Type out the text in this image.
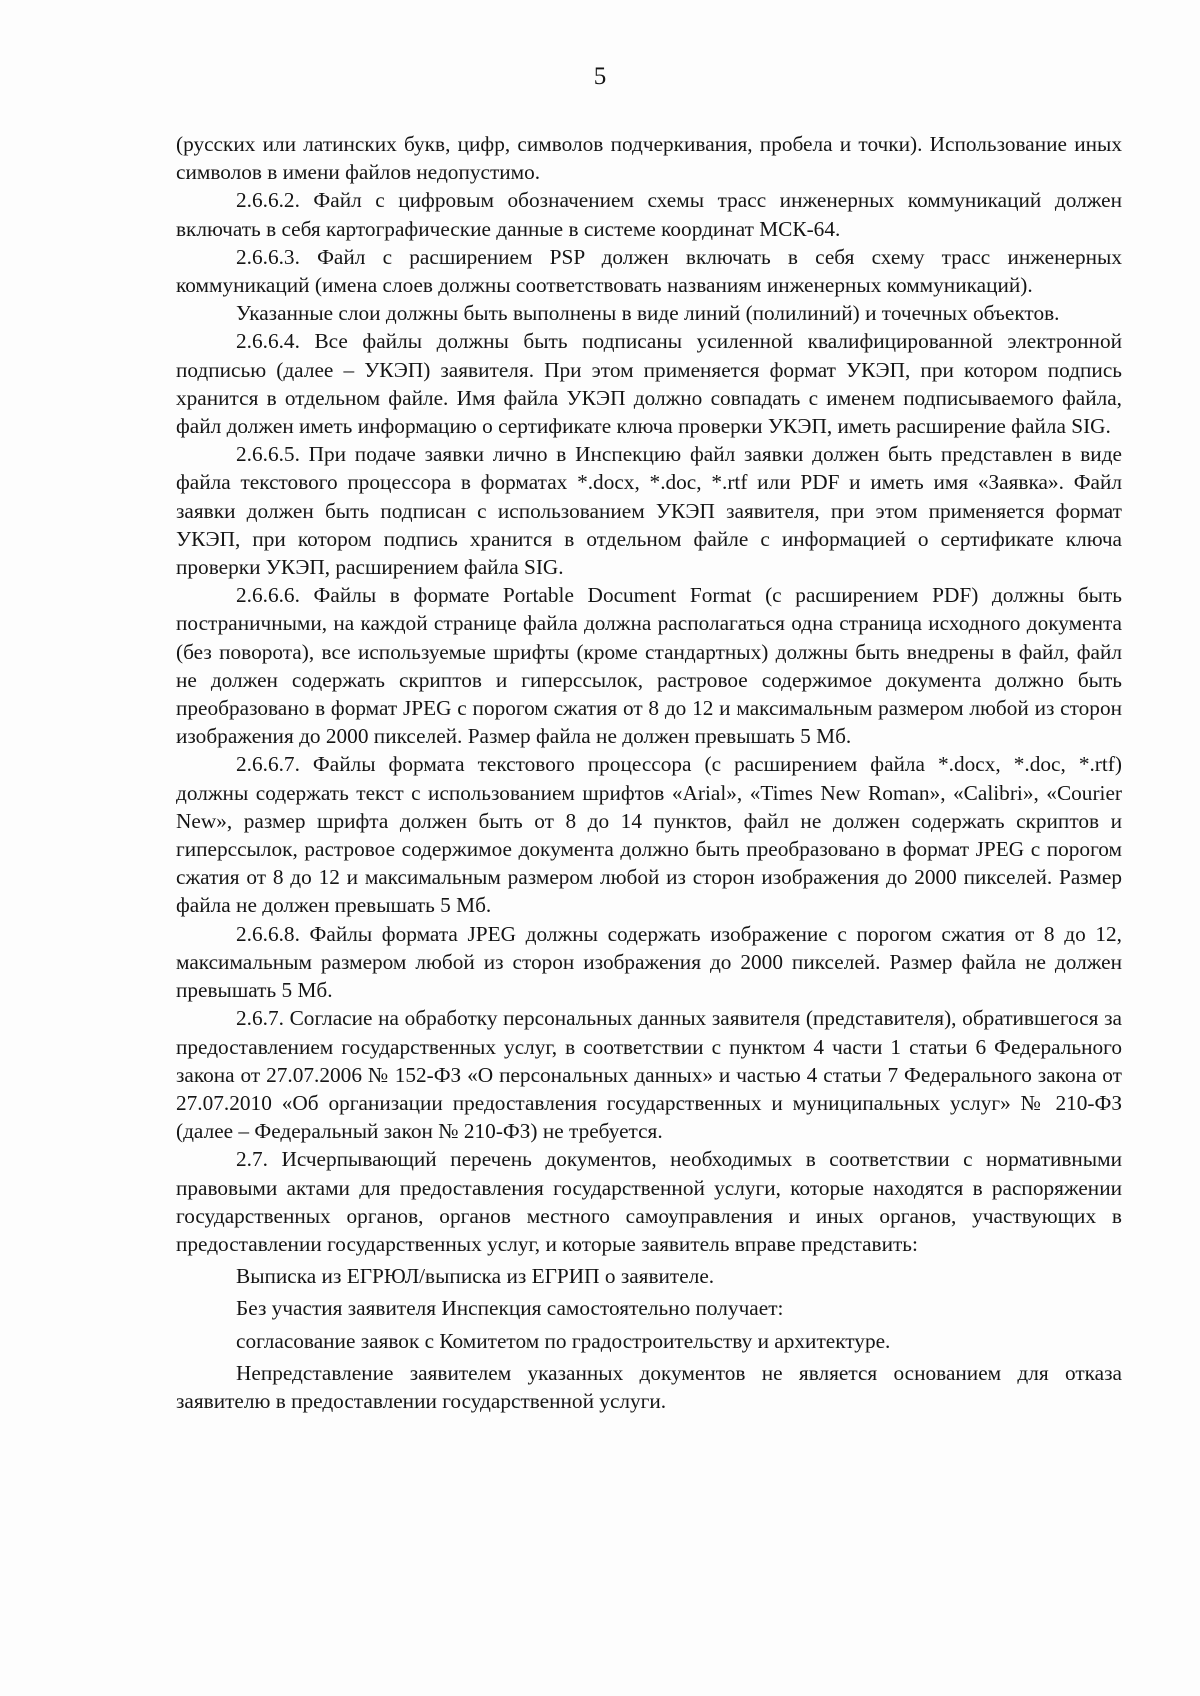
5

(русских или латинских букв, цифр, символов подчеркивания, пробела и точки). Использование иных символов в имени файлов недопустимо.

2.6.6.2. Файл с цифровым обозначением схемы трасс инженерных коммуникаций должен включать в себя картографические данные в системе координат МСК-64.

2.6.6.3. Файл с расширением PSP должен включать в себя схему трасс инженерных коммуникаций (имена слоев должны соответствовать названиям инженерных коммуникаций).

Указанные слои должны быть выполнены в виде линий (полилиний) и точечных объектов.

2.6.6.4. Все файлы должны быть подписаны усиленной квалифицированной электронной подписью (далее – УКЭП) заявителя. При этом применяется формат УКЭП, при котором подпись хранится в отдельном файле. Имя файла УКЭП должно совпадать с именем подписываемого файла, файл должен иметь информацию о сертификате ключа проверки УКЭП, иметь расширение файла SIG.

2.6.6.5. При подаче заявки лично в Инспекцию файл заявки должен быть представлен в виде файла текстового процессора в форматах *.docx, *.doc, *.rtf или PDF и иметь имя «Заявка». Файл заявки должен быть подписан с использованием УКЭП заявителя, при этом применяется формат УКЭП, при котором подпись хранится в отдельном файле с информацией о сертификате ключа проверки УКЭП, расширением файла SIG.

2.6.6.6. Файлы в формате Portable Document Format (с расширением PDF) должны быть постраничными, на каждой странице файла должна располагаться одна страница исходного документа (без поворота), все используемые шрифты (кроме стандартных) должны быть внедрены в файл, файл не должен содержать скриптов и гиперссылок, растровое содержимое документа должно быть преобразовано в формат JPEG с порогом сжатия от 8 до 12 и максимальным размером любой из сторон изображения до 2000 пикселей. Размер файла не должен превышать 5 Мб.

2.6.6.7. Файлы формата текстового процессора (с расширением файла *.docx, *.doc, *.rtf) должны содержать текст с использованием шрифтов «Arial», «Times New Roman», «Calibri», «Courier New», размер шрифта должен быть от 8 до 14 пунктов, файл не должен содержать скриптов и гиперссылок, растровое содержимое документа должно быть преобразовано в формат JPEG с порогом сжатия от 8 до 12 и максимальным размером любой из сторон изображения до 2000 пикселей. Размер файла не должен превышать 5 Мб.

2.6.6.8. Файлы формата JPEG должны содержать изображение с порогом сжатия от 8 до 12, максимальным размером любой из сторон изображения до 2000 пикселей. Размер файла не должен превышать 5 Мб.

2.6.7. Согласие на обработку персональных данных заявителя (представителя), обратившегося за предоставлением государственных услуг, в соответствии с пунктом 4 части 1 статьи 6 Федерального закона от 27.07.2006 № 152-ФЗ «О персональных данных» и частью 4 статьи 7 Федерального закона от 27.07.2010 «Об организации предоставления государственных и муниципальных услуг» № 210-ФЗ (далее – Федеральный закон № 210-ФЗ) не требуется.

2.7. Исчерпывающий перечень документов, необходимых в соответствии с нормативными правовыми актами для предоставления государственной услуги, которые находятся в распоряжении государственных органов, органов местного самоуправления и иных органов, участвующих в предоставлении государственных услуг, и которые заявитель вправе представить:

Выписка из ЕГРЮЛ/выписка из ЕГРИП о заявителе.

Без участия заявителя Инспекция самостоятельно получает:

согласование заявок с Комитетом по градостроительству и архитектуре.

Непредставление заявителем указанных документов не является основанием для отказа заявителю в предоставлении государственной услуги.
